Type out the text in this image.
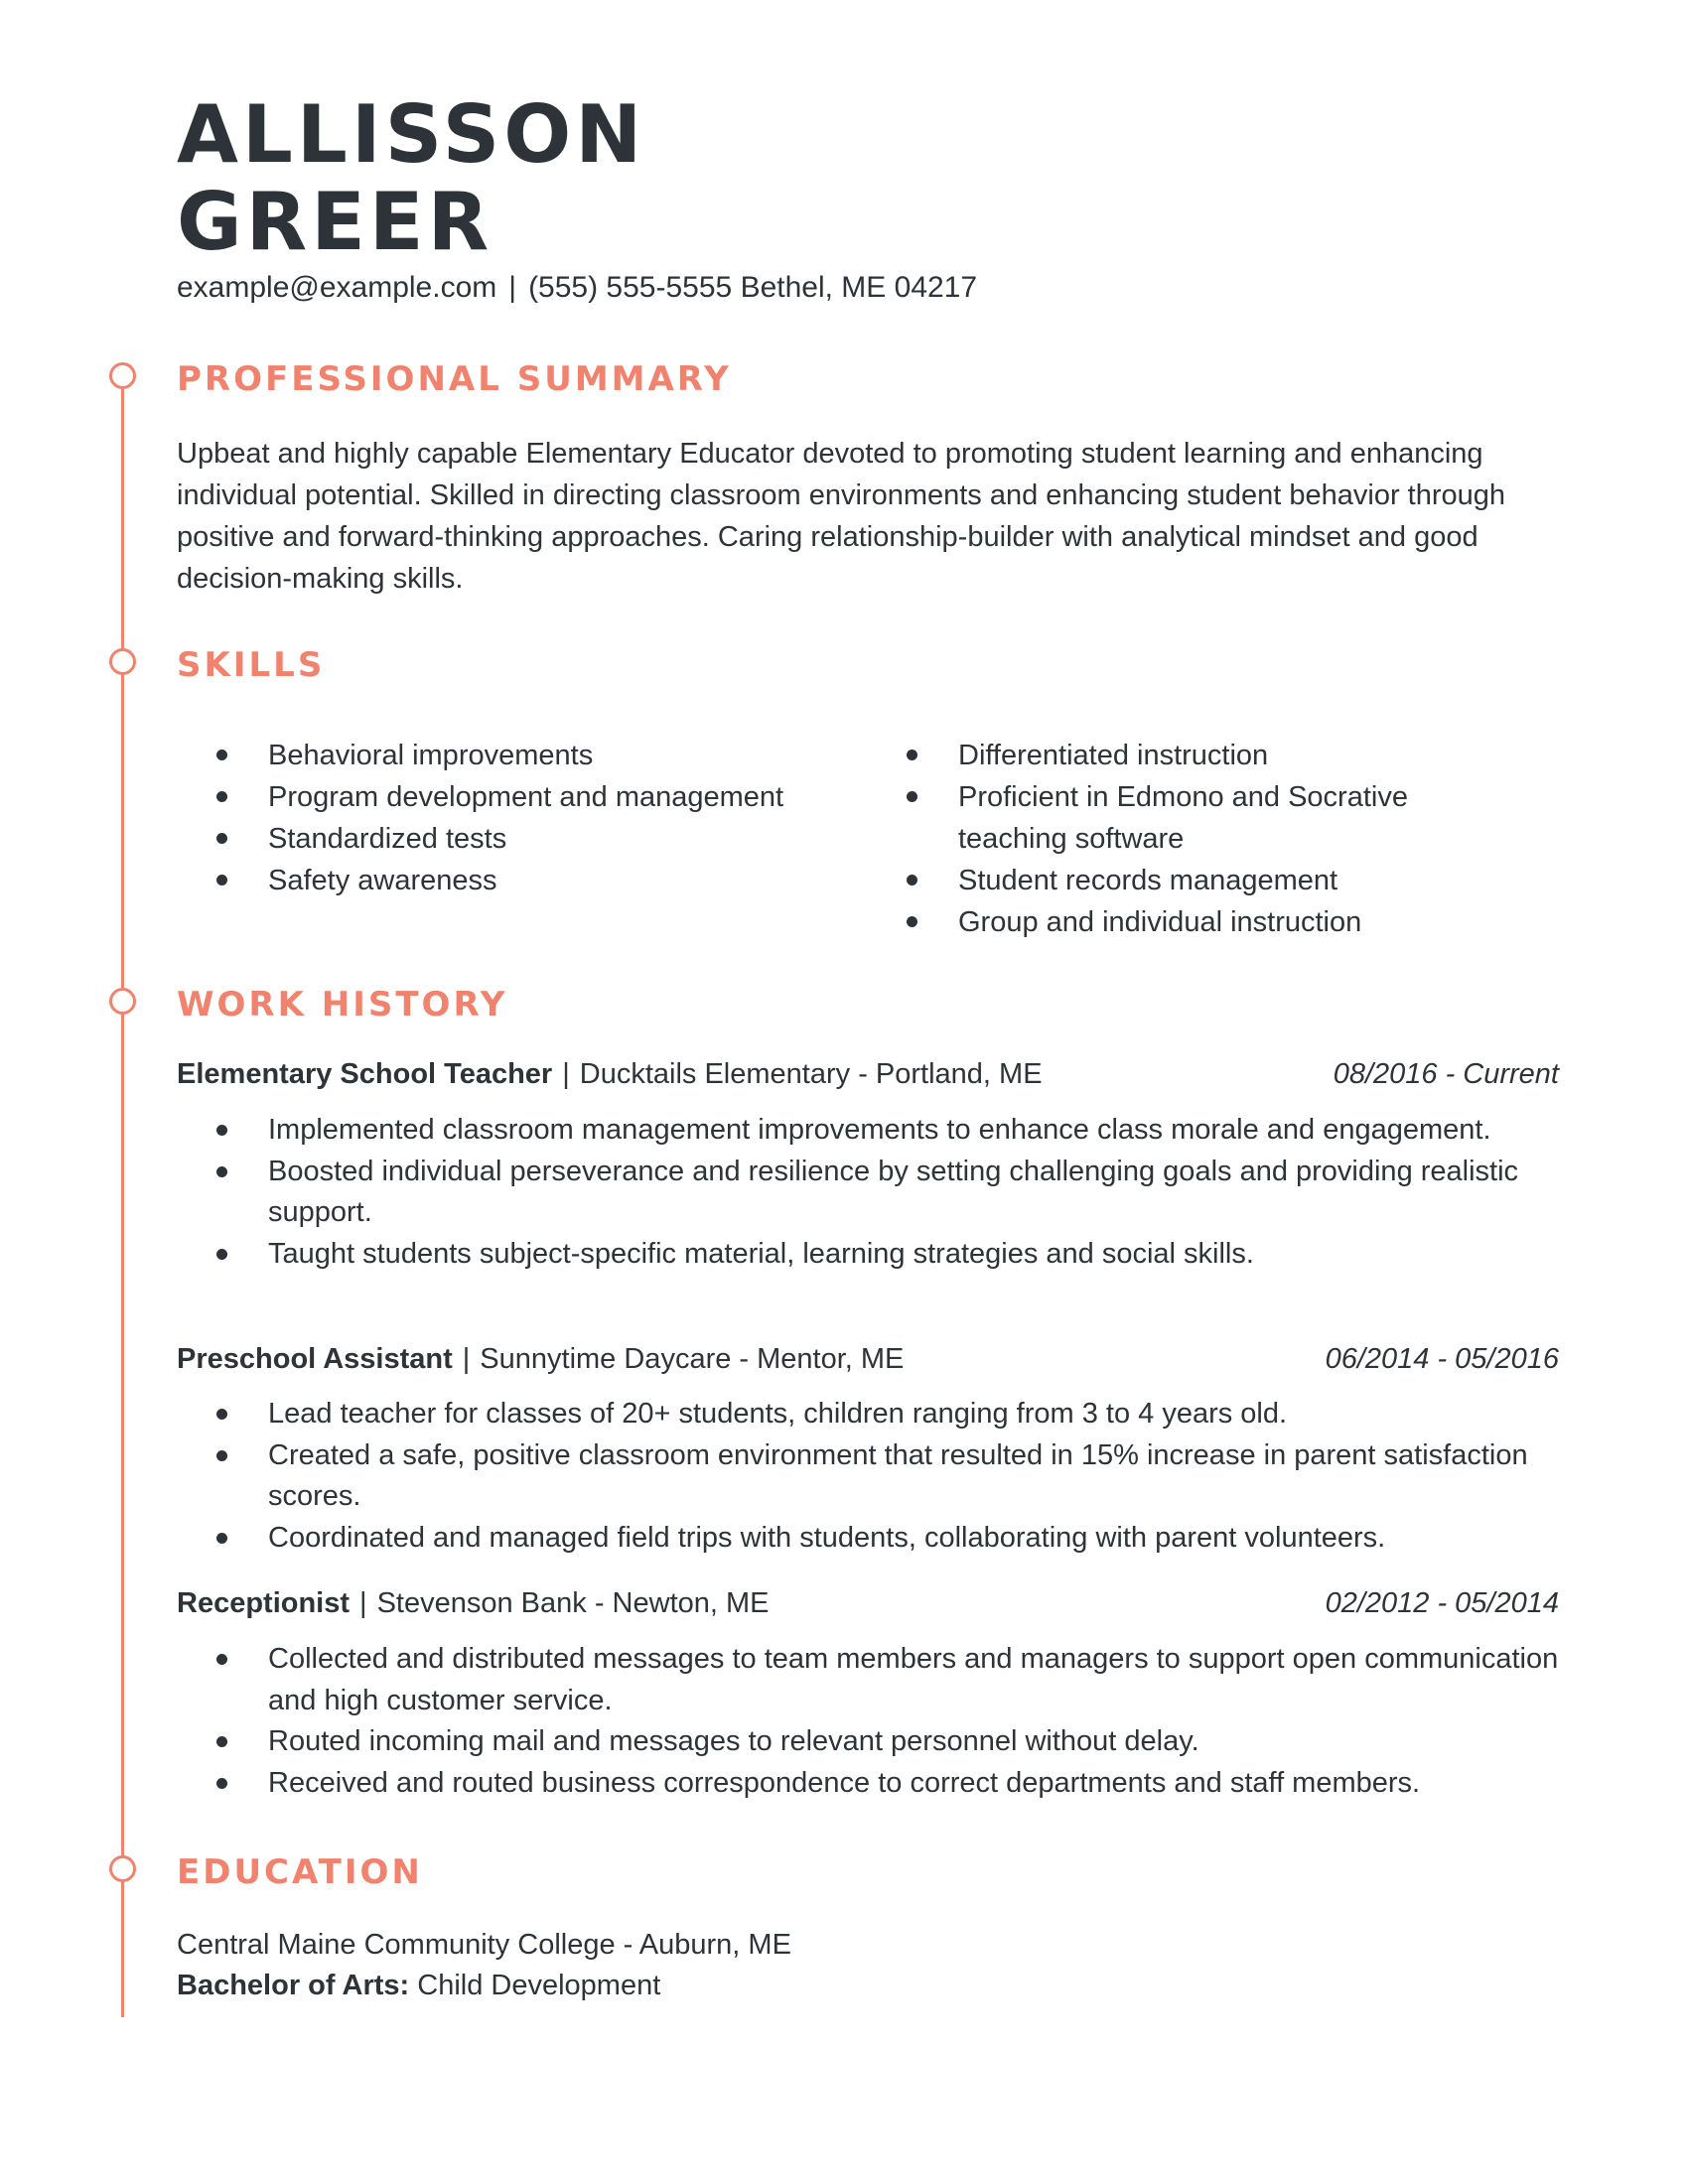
ALLISSON
GREER
example@example.com | (555) 555-5555 Bethel, ME 04217
PROFESSIONAL SUMMARY

Upbeat and highly capable Elementary Educator devoted to promoting student learning and enhancing individual potential. Skilled in directing classroom environments and enhancing student behavior through positive and forward-thinking approaches. Caring relationship-builder with analytical mindset and good decision-making skills.

SKILLS
Behavioral improvements
Program development and management
Standardized tests
Safety awareness
Differentiated instruction
Proficient in Edmono and Socrative teaching software
Student records management
Group and individual instruction
WORK HISTORY
Elementary School Teacher | Ducktails Elementary - Portland, ME	08/2016 - Current
Implemented classroom management improvements to enhance class morale and engagement.
Boosted individual perseverance and resilience by setting challenging goals and providing realistic support.
Taught students subject-specific material, learning strategies and social skills.
Preschool Assistant | Sunnytime Daycare - Mentor, ME	06/2014 - 05/2016
Lead teacher for classes of 20+ students, children ranging from 3 to 4 years old.
Created a safe, positive classroom environment that resulted in 15% increase in parent satisfaction scores.
Coordinated and managed field trips with students, collaborating with parent volunteers.
Receptionist | Stevenson Bank - Newton, ME	02/2012 - 05/2014
Collected and distributed messages to team members and managers to support open communication and high customer service.
Routed incoming mail and messages to relevant personnel without delay.
Received and routed business correspondence to correct departments and staff members.
EDUCATION
Central Maine Community College - Auburn, ME
Bachelor of Arts: Child Development
